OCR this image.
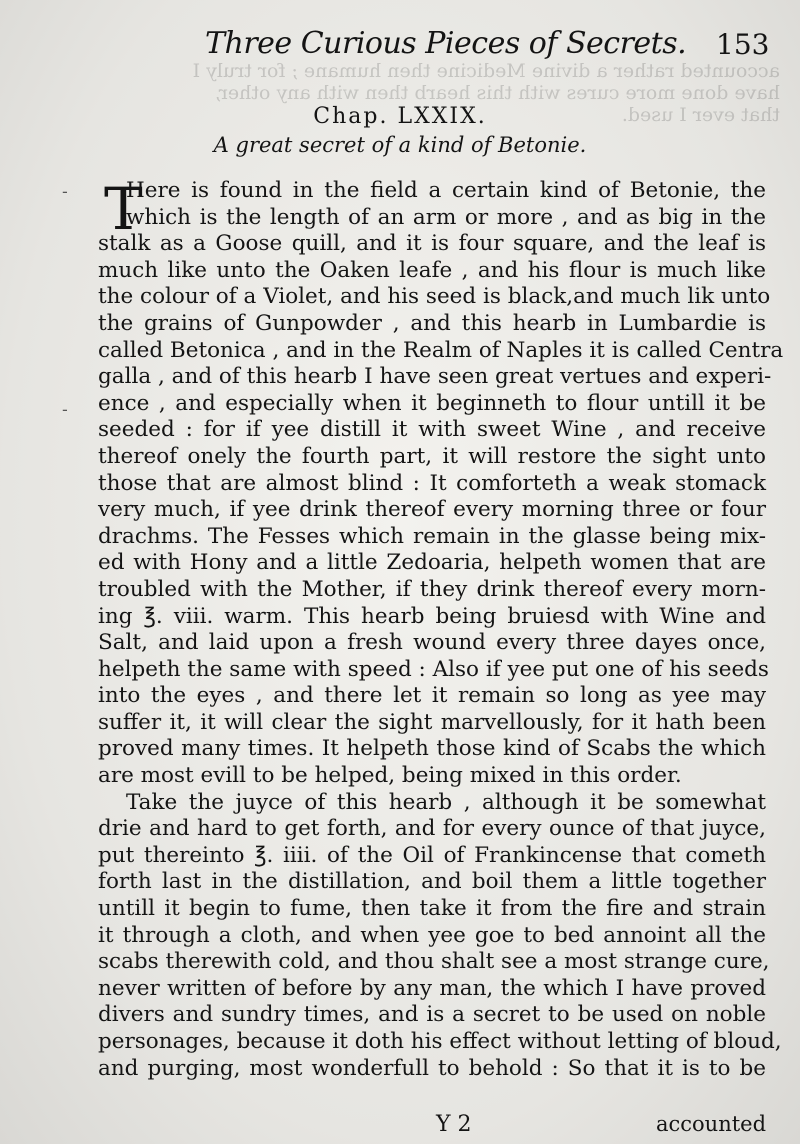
accounted rather a divine Medicine then humane ; for truly I
have done more cures with this hearb then with any other,
that ever I used.
Three Curious Pieces of Secrets. 153
Chap. LXXIX.
A great secret of a kind of Betonie.
T
Here is found in the field a certain kind of Betonie, the
which is the length of an arm or more , and as big in the
stalk as a Goose quill, and it is four square, and the leaf is
much like unto the Oaken leafe , and his flour is much like
the colour of a Violet, and his seed is black,and much lik unto
the grains of Gunpowder , and this hearb in Lumbardie is
called Betonica , and in the Realm of Naples it is called Centra
galla , and of this hearb I have seen great vertues and experi-
ence , and especially when it beginneth to flour untill it be
seeded : for if yee distill it with sweet Wine , and receive
thereof onely the fourth part, it will restore the sight unto
those that are almost blind : It comforteth a weak stomack
very much, if yee drink thereof every morning three or four
drachms. The Fesses which remain in the glasse being mix-
ed with Hony and a little Zedoaria, helpeth women that are
troubled with the Mother, if they drink thereof every morn-
ing ℥. viii. warm. This hearb being bruiesd with Wine and
Salt, and laid upon a fresh wound every three dayes once,
helpeth the same with speed : Also if yee put one of his seeds
into the eyes , and there let it remain so long as yee may
suffer it, it will clear the sight marvellously, for it hath been
proved many times. It helpeth those kind of Scabs the which
are most evill to be helped, being mixed in this order.
Take the juyce of this hearb , although it be somewhat
drie and hard to get forth, and for every ounce of that juyce,
put thereinto ℥. iiii. of the Oil of Frankincense that cometh
forth last in the distillation, and boil them a little together
untill it begin to fume, then take it from the fire and strain
it through a cloth, and when yee goe to bed annoint all the
scabs therewith cold, and thou shalt see a most strange cure,
never written of before by any man, the which I have proved
divers and sundry times, and is a secret to be used on noble
personages, because it doth his effect without letting of bloud,
and purging, most wonderfull to behold : So that it is to be
-
-
Y 2	accounted
